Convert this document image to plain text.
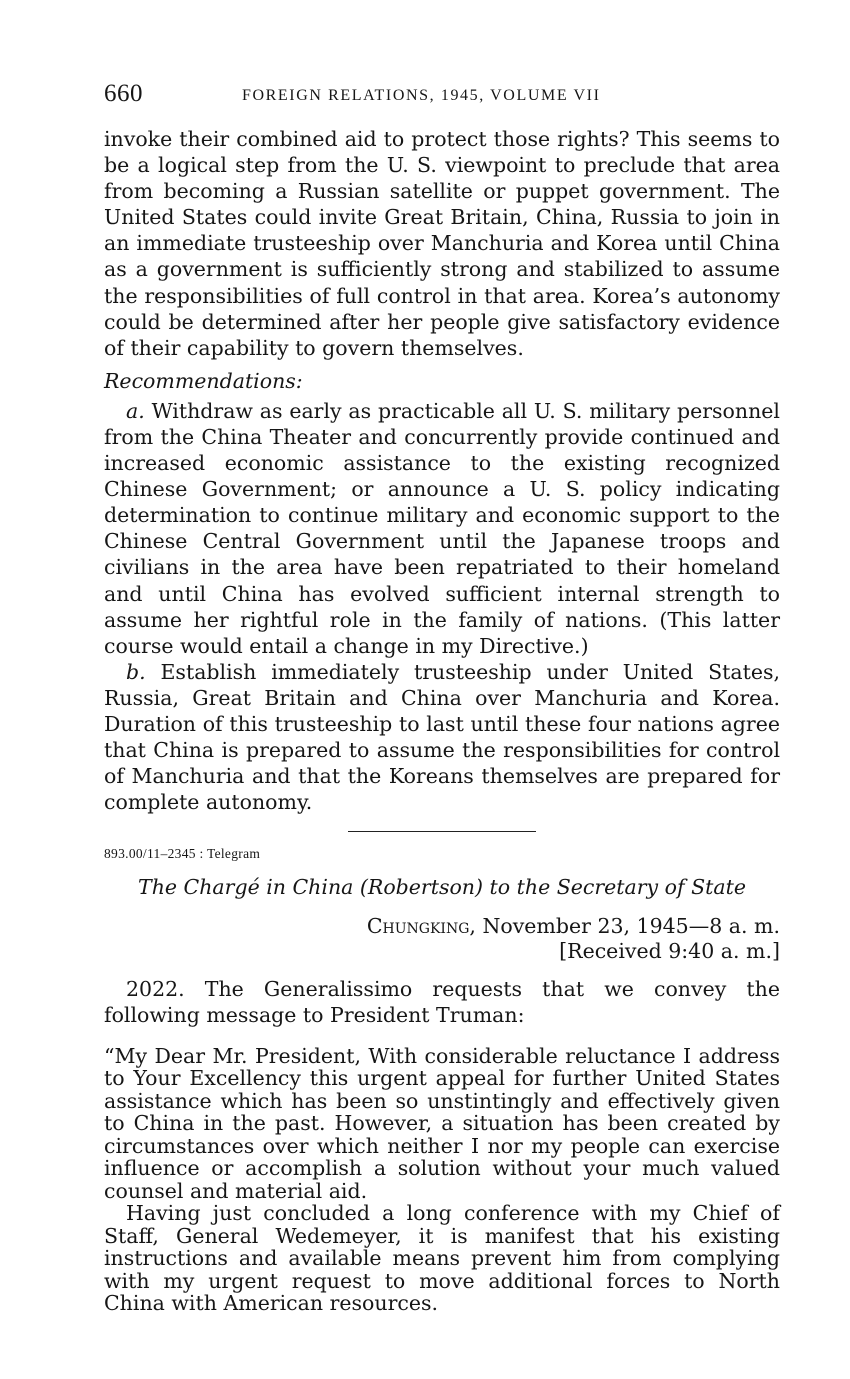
660	FOREIGN RELATIONS, 1945, VOLUME VII

invoke their combined aid to protect those rights? This seems to be a logical step from the U. S. viewpoint to preclude that area from becoming a Russian satellite or puppet government. The United States could invite Great Britain, China, Russia to join in an immediate trusteeship over Manchuria and Korea until China as a government is sufficiently strong and stabilized to assume the responsibilities of full control in that area. Korea’s autonomy could be determined after her people give satisfactory evidence of their capability to govern themselves.

Recommendations:

a. Withdraw as early as practicable all U. S. military personnel from the China Theater and concurrently provide continued and increased economic assistance to the existing recognized Chinese Government; or announce a U. S. policy indicating determination to continue military and economic support to the Chinese Central Government until the Japanese troops and civilians in the area have been repatriated to their homeland and until China has evolved sufficient internal strength to assume her rightful role in the family of nations. (This latter course would entail a change in my Directive.)

b. Establish immediately trusteeship under United States, Russia, Great Britain and China over Manchuria and Korea. Duration of this trusteeship to last until these four nations agree that China is prepared to assume the responsibilities for control of Manchuria and that the Koreans themselves are prepared for complete autonomy.

893.00/11–2345 : Telegram
The Chargé in China (Robertson) to the Secretary of State
Chungking, November 23, 1945—8 a. m.
[Received 9:40 a. m.]

2022. The Generalissimo requests that we convey the following message to President Truman:

“My Dear Mr. President, With considerable reluctance I address to Your Excellency this urgent appeal for further United States assistance which has been so unstintingly and effectively given to China in the past. However, a situation has been created by circumstances over which neither I nor my people can exercise influence or accomplish a solution without your much valued counsel and material aid.

Having just concluded a long conference with my Chief of Staff, General Wedemeyer, it is manifest that his existing instructions and available means prevent him from complying with my urgent request to move additional forces to North China with American resources.
